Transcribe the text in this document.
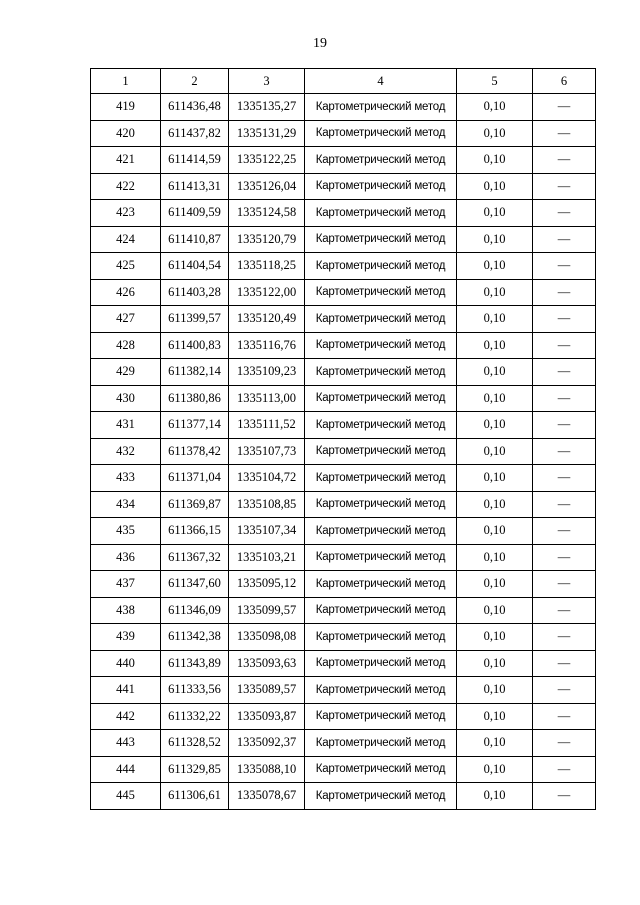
19
1	2	3	4	5	6
419	611436,48	1335135,27	Картометрический метод	0,10	—
420	611437,82	1335131,29	Картометрический метод	0,10	—
421	611414,59	1335122,25	Картометрический метод	0,10	—
422	611413,31	1335126,04	Картометрический метод	0,10	—
423	611409,59	1335124,58	Картометрический метод	0,10	—
424	611410,87	1335120,79	Картометрический метод	0,10	—
425	611404,54	1335118,25	Картометрический метод	0,10	—
426	611403,28	1335122,00	Картометрический метод	0,10	—
427	611399,57	1335120,49	Картометрический метод	0,10	—
428	611400,83	1335116,76	Картометрический метод	0,10	—
429	611382,14	1335109,23	Картометрический метод	0,10	—
430	611380,86	1335113,00	Картометрический метод	0,10	—
431	611377,14	1335111,52	Картометрический метод	0,10	—
432	611378,42	1335107,73	Картометрический метод	0,10	—
433	611371,04	1335104,72	Картометрический метод	0,10	—
434	611369,87	1335108,85	Картометрический метод	0,10	—
435	611366,15	1335107,34	Картометрический метод	0,10	—
436	611367,32	1335103,21	Картометрический метод	0,10	—
437	611347,60	1335095,12	Картометрический метод	0,10	—
438	611346,09	1335099,57	Картометрический метод	0,10	—
439	611342,38	1335098,08	Картометрический метод	0,10	—
440	611343,89	1335093,63	Картометрический метод	0,10	—
441	611333,56	1335089,57	Картометрический метод	0,10	—
442	611332,22	1335093,87	Картометрический метод	0,10	—
443	611328,52	1335092,37	Картометрический метод	0,10	—
444	611329,85	1335088,10	Картометрический метод	0,10	—
445	611306,61	1335078,67	Картометрический метод	0,10	—
